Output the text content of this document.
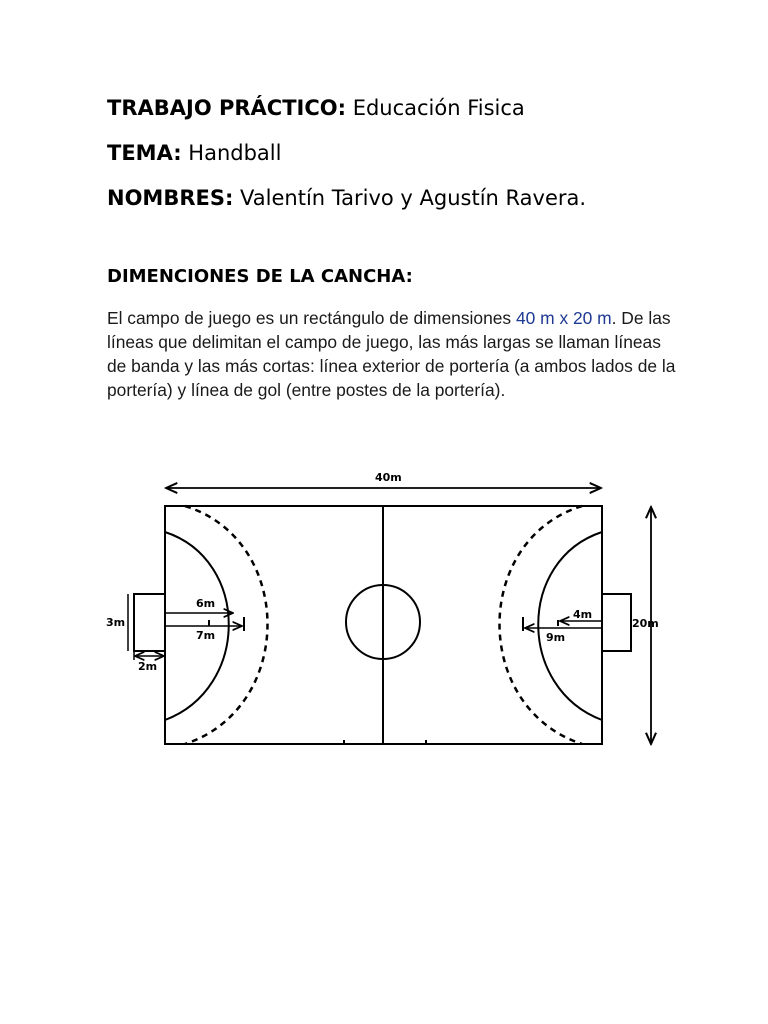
TRABAJO PRÁCTICO: Educación Fisica
TEMA: Handball
NOMBRES: Valentín Tarivo y Agustín Ravera.
DIMENCIONES DE LA CANCHA:
El campo de juego es un rectángulo de dimensiones 40 m x 20 m. De las líneas que delimitan el campo de juego, las más largas se llaman líneas de banda y las más cortas: línea exterior de portería (a ambos lados de la portería) y línea de gol (entre postes de la portería).
40m
20m
3m
2m
6m
7m
4m
9m
